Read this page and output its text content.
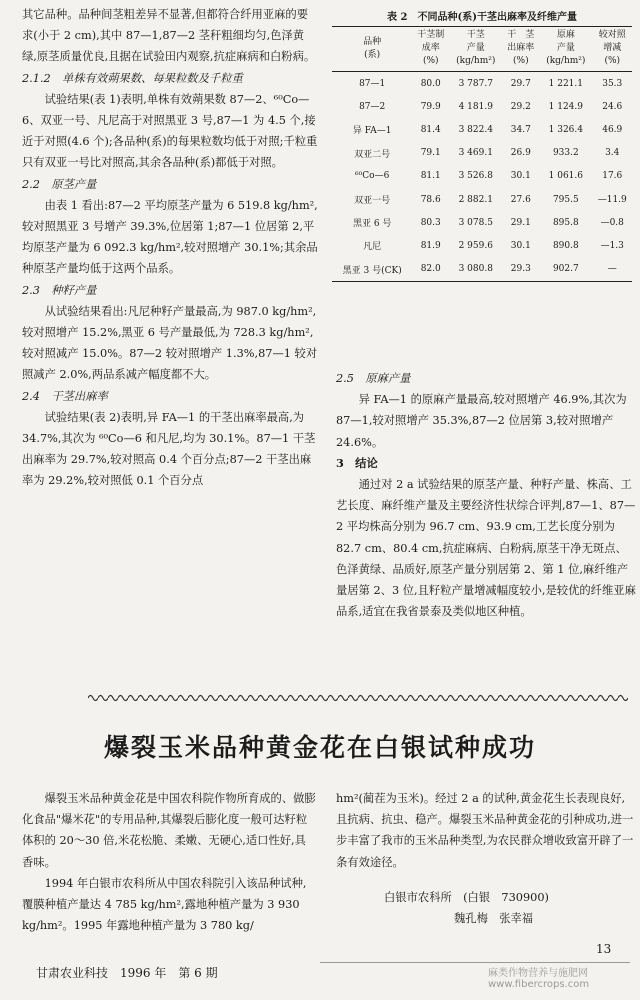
其它品种。品种间茎粗差异不显著,但都符合纤用亚麻的要求(小于 2 cm),其中 87—1,87—2 茎秆粗细均匀,色泽黄绿,原茎质量优良,且据在试验田内观察,抗症麻病和白粉病。

2.1.2　单株有效蒴果数、每果粒数及千粒重

试验结果(表 1)表明,单株有效蒴果数 87—2、⁶⁰Co—6、双亚一号、凡尼高于对照黑亚 3 号,87—1 为 4.5 个,接近于对照(4.6 个);各品种(系)的每果粒数均低于对照;千粒重只有双亚一号比对照高,其余各品种(系)都低于对照。

2.2　原茎产量

由表 1 看出:87—2 平均原茎产量为 6 519.8 kg/hm²,较对照黑亚 3 号增产 39.3%,位居第 1;87—1 位居第 2,平均原茎产量为 6 092.3 kg/hm²,较对照增产 30.1%;其余品种原茎产量均低于这两个品系。

2.3　种籽产量

从试验结果看出:凡尼种籽产量最高,为 987.0 kg/hm²,较对照增产 15.2%,黑亚 6 号产量最低,为 728.3 kg/hm²,较对照减产 15.0%。87—2 较对照增产 1.3%,87—1 较对照减产 2.0%,两品系减产幅度都不大。

2.4　干茎出麻率

试验结果(表 2)表明,异 FA—1 的干茎出麻率最高,为 34.7%,其次为 ⁶⁰Co—6 和凡尼,均为 30.1%。87—1 干茎出麻率为 29.7%,较对照高 0.4 个百分点;87—2 干茎出麻率为 29.2%,较对照低 0.1 个百分点

表 2　不同品种(系)干茎出麻率及纤维产量
品种
(系)	干茎制
成率
(%)	干茎
产量
(kg/hm²)	干　茎
出麻率
(%)	原麻
产量
(kg/hm²)	较对照
增减
(%)
87—1	80.0	3 787.7	29.7	1 221.1	35.3
87—2	79.9	4 181.9	29.2	1 124.9	24.6
异 FA—1	81.4	3 822.4	34.7	1 326.4	46.9
双亚二号	79.1	3 469.1	26.9	933.2	3.4
⁶⁰Co—6	81.1	3 526.8	30.1	1 061.6	17.6
双亚一号	78.6	2 882.1	27.6	795.5	—11.9
黑亚 6 号	80.3	3 078.5	29.1	895.8	—0.8
凡尼	81.9	2 959.6	30.1	890.8	—1.3
黑亚 3 号(CK)	82.0	3 080.8	29.3	902.7	—

2.5　原麻产量

异 FA—1 的原麻产量最高,较对照增产 46.9%,其次为 87—1,较对照增产 35.3%,87—2 位居第 3,较对照增产 24.6%。

3　结论

通过对 2 a 试验结果的原茎产量、种籽产量、株高、工艺长度、麻纤维产量及主要经济性状综合评判,87—1、87—2 平均株高分别为 96.7 cm、93.9 cm,工艺长度分别为 82.7 cm、80.4 cm,抗症麻病、白粉病,原茎干净无斑点、色泽黄绿、品质好,原茎产量分别居第 2、第 1 位,麻纤维产量居第 2、3 位,且籽粒产量增减幅度较小,是较优的纤维亚麻品系,适宜在我省景泰及类似地区种植。

爆裂玉米品种黄金花在白银试种成功

爆裂玉米品种黄金花是中国农科院作物所育成的、做膨化食品"爆米花"的专用品种,其爆裂后膨化度一般可达籽粒体积的 20～30 倍,米花松脆、柔嫩、无硬心,适口性好,具香味。

1994 年白银市农科所从中国农科院引入该品种试种,覆膜种植产量达 4 785 kg/hm²,露地种植产量为 3 930 kg/hm²。1995 年露地种植产量为 3 780 kg/

hm²(蔺茬为玉米)。经过 2 a 的试种,黄金花生长表现良好,且抗病、抗虫、稳产。爆裂玉米品种黄金花的引种成功,进一步丰富了我市的玉米品种类型,为农民群众增收致富开辟了一条有效途径。

白银市农科所　(白银　730900)

魏孔梅　张幸福

13
甘肃农业科技　1996 年　第 6 期	麻类作物营养与施肥网 www.fibercrops.com
